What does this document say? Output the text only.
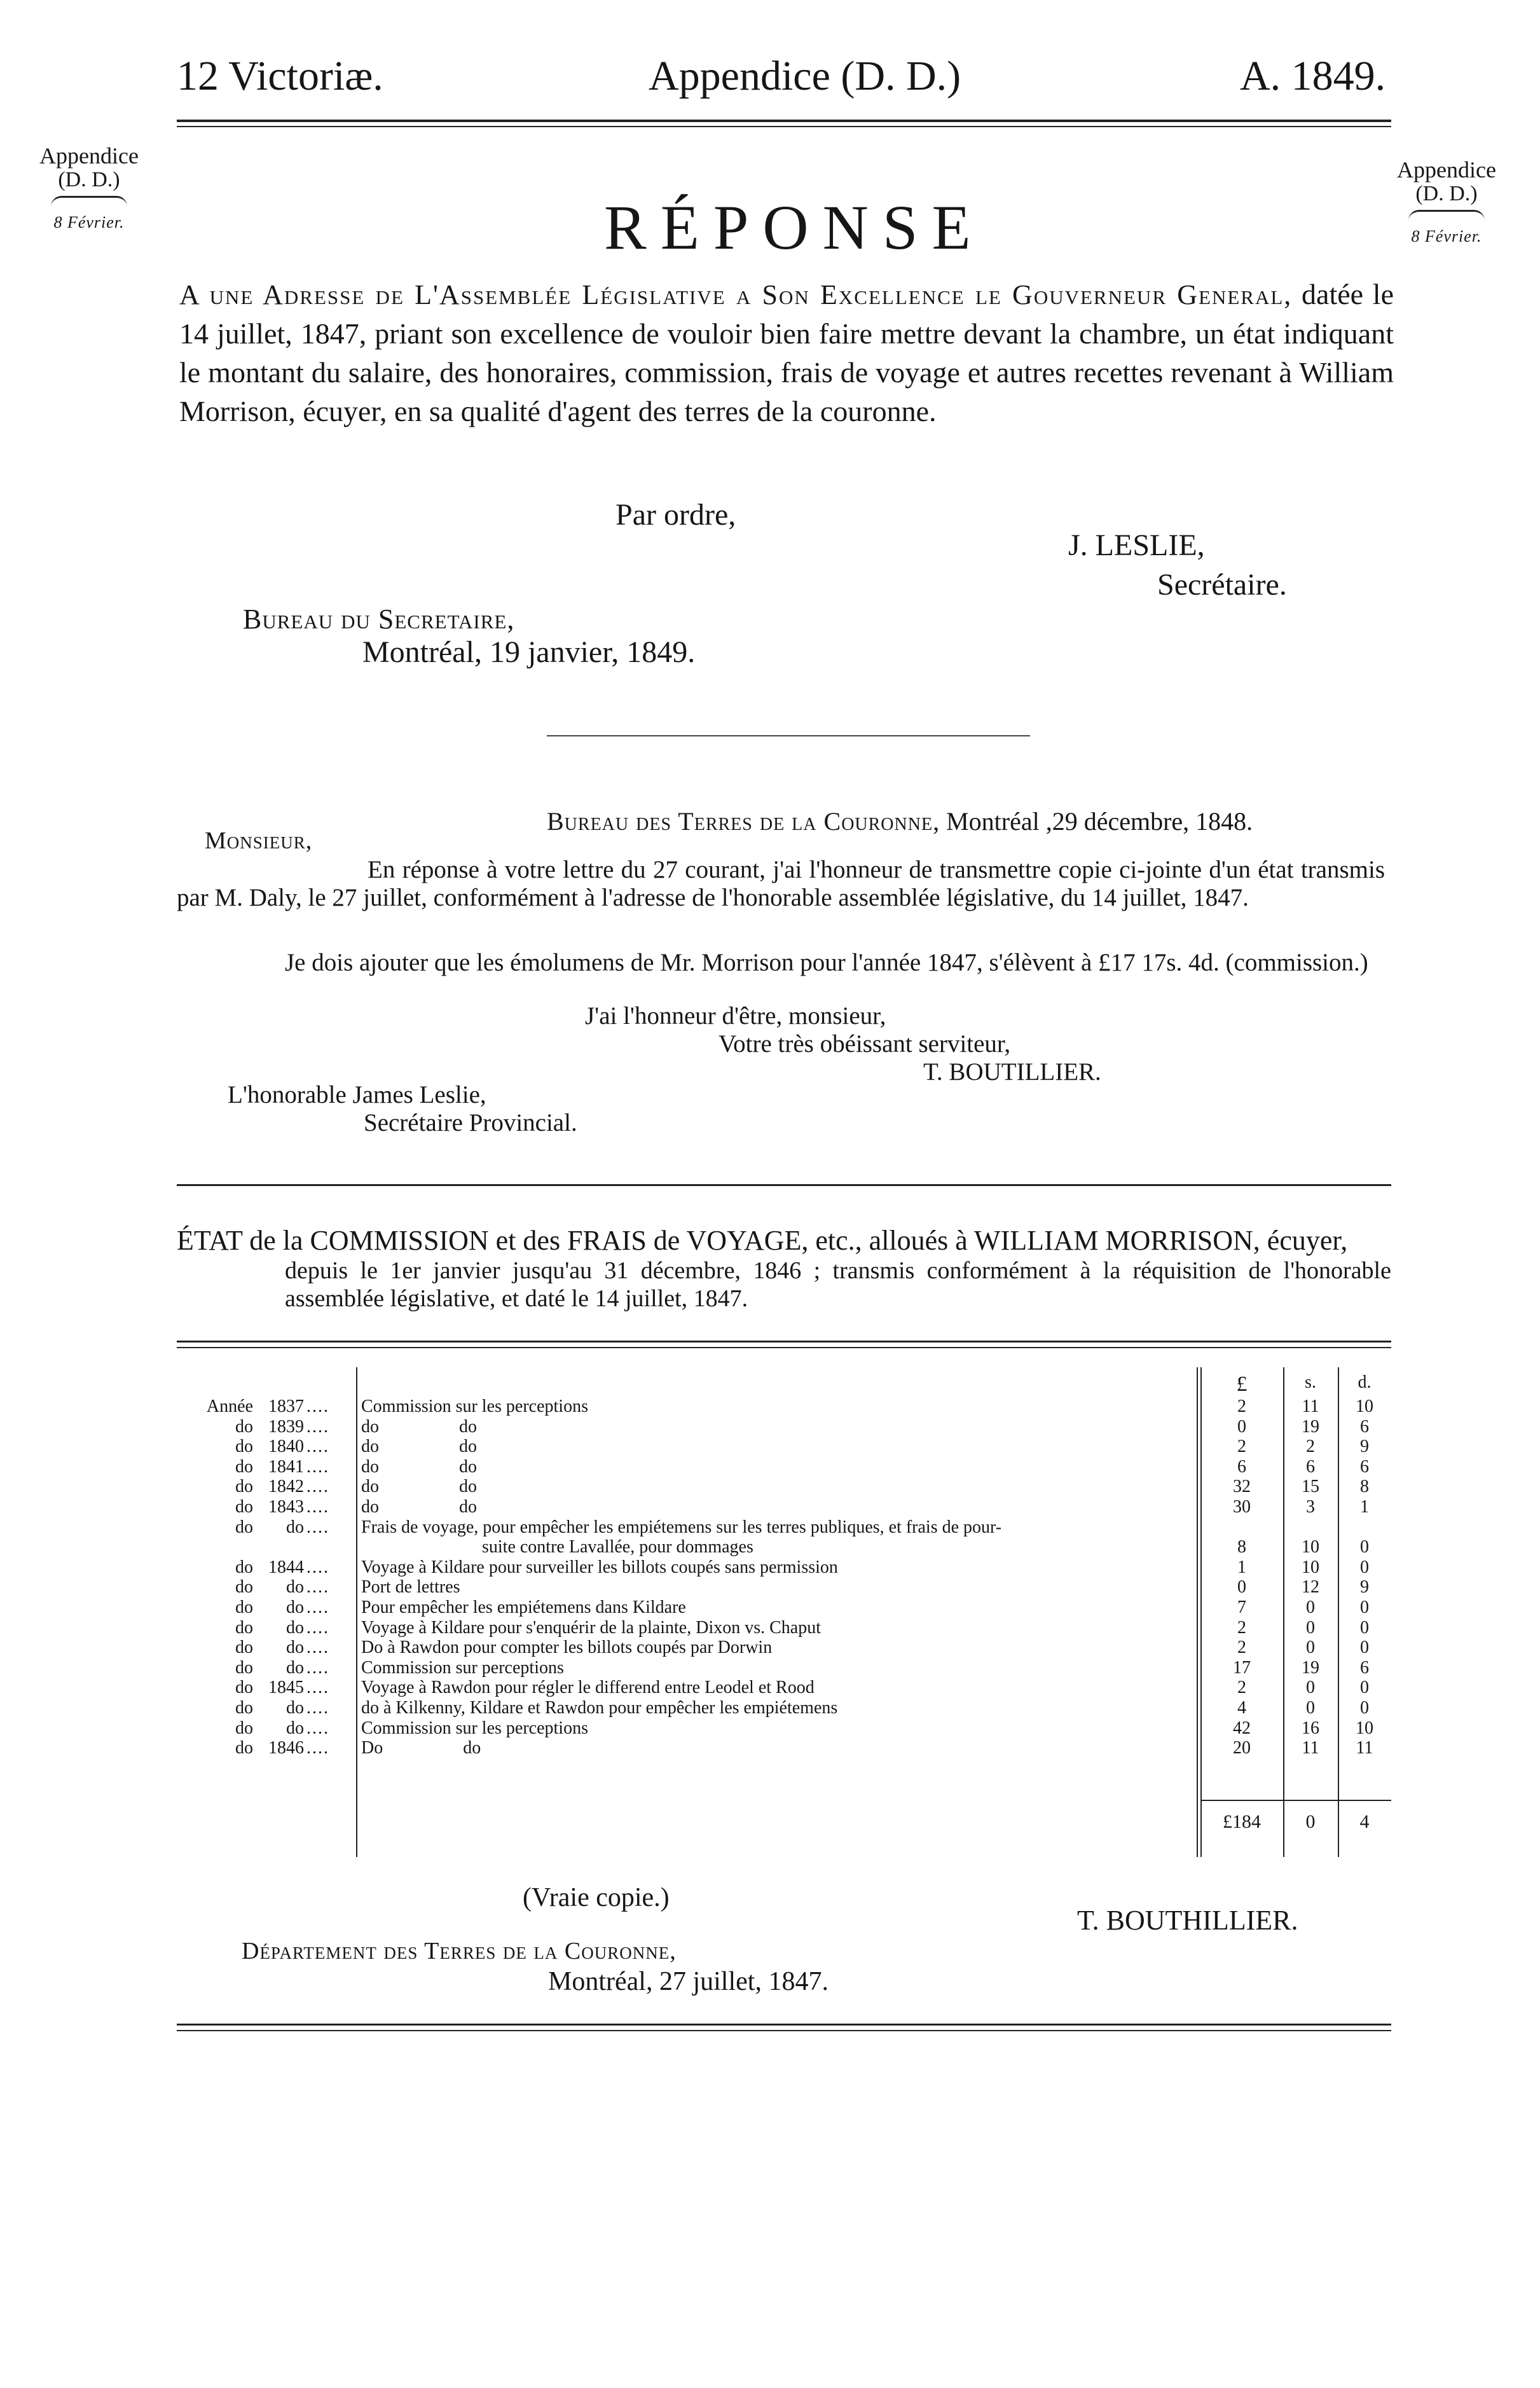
12 Victoriæ.	Appendice (D. D.)	A. 1849.
Appendice
(D. D.)
8 Février.
Appendice
(D. D.)
8 Février.
RÉPONSE
A une Adresse de L'Assemblée Législative a Son Excellence le Gouverneur General, datée le 14 juillet, 1847, priant son excellence de vouloir bien faire mettre devant la chambre, un état indiquant le montant du salaire, des honoraires, commission, frais de voyage et autres recettes revenant à William Morrison, écuyer, en sa qualité d'agent des terres de la couronne.
Par ordre,
J. LESLIE,
Secrétaire.
Bureau du Secretaire,
Montréal, 19 janvier, 1849.
Bureau des Terres de la Couronne, Montréal ,29 décembre, 1848.
Monsieur,
En réponse à votre lettre du 27 courant, j'ai l'honneur de transmettre copie ci-jointe d'un état transmis par M. Daly, le 27 juillet, conformément à l'adresse de l'honorable assemblée législative, du 14 juillet, 1847.
Je dois ajouter que les émolumens de Mr. Morrison pour l'année 1847, s'élèvent à £17 17s. 4d. (commission.)
J'ai l'honneur d'être, monsieur,
Votre très obéissant serviteur,
T. BOUTILLIER.
L'honorable James Leslie,
Secrétaire Provincial.
ÉTAT de la COMMISSION et des FRAIS de VOYAGE, etc., alloués à WILLIAM MORRISON, écuyer,
depuis le 1er janvier jusqu'au 31 décembre, 1846 ; transmis conformément à la réquisition de l'honorable assemblée législative, et daté le 14 juillet, 1847.
£	s.	d.
Année 1837 ....	Commission sur les perceptions . . .	2	11	10
do 1839 ....	do                  do . . .	0	19	6
do 1840 ....	do                  do . . .	2	2	9
do 1841 ....	do                  do . . .	6	6	6
do 1842 ....	do                  do . . .	32	15	8
do 1843 ....	do                  do . . .	30	3	1
do	do ....	Frais de voyage, pour empêcher les empiétemens sur les terres publiques, et frais de pour- . . .
suite contre Lavallée, pour dommages . . .	8	10	0
do 1844 ....	Voyage à Kildare pour surveiller les billots coupés sans permission . . .	1	10	0
do	do ....	Port de lettres . . .	0	12	9
do	do ....	Pour empêcher les empiétemens dans Kildare . . .	7	0	0
do	do ....	Voyage à Kildare pour s'enquérir de la plainte, Dixon vs. Chaput . . .	2	0	0
do	do ....	Do à Rawdon pour compter les billots coupés par Dorwin . . .	2	0	0
do	do ....	Commission sur perceptions . . .	17	19	6
do 1845 ....	Voyage à Rawdon pour régler le differend entre Leodel et Rood . . .	2	0	0
do	do ....	do à Kilkenny, Kildare et Rawdon pour empêcher les empiétemens . . .	4	0	0
do	do ....	Commission sur les perceptions . . .	42	16	10
do 1846 ....	Do                  do . . .	20	11	11
£184	0	4
(Vraie copie.)
T. BOUTHILLIER.
Département des Terres de la Couronne,
Montréal, 27 juillet, 1847.
